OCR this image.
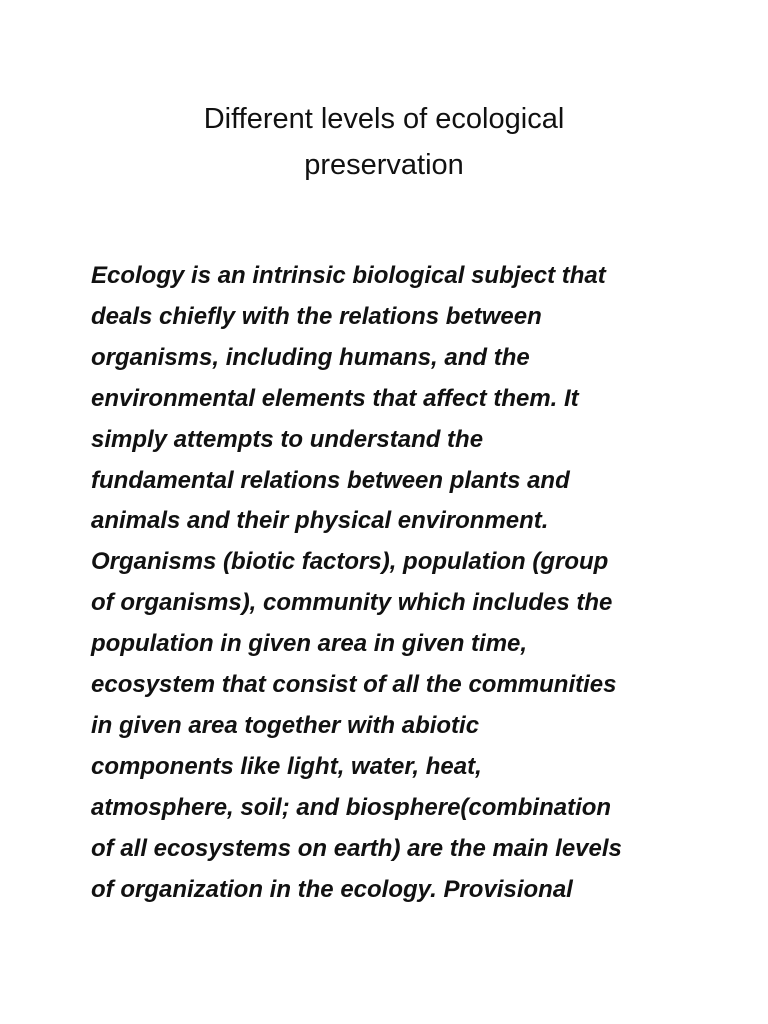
Different levels of ecological
preservation

Ecology is an intrinsic biological subject that
deals chiefly with the relations between
organisms, including humans, and the
environmental elements that affect them. It
simply attempts to understand the
fundamental relations between plants and
animals and their physical environment.
Organisms (biotic factors), population (group
of organisms), community which includes the
population in given area in given time,
ecosystem that consist of all the communities
in given area together with abiotic
components like light, water, heat,
atmosphere, soil; and biosphere(combination
of all ecosystems on earth) are the main levels
of organization in the ecology. Provisional
